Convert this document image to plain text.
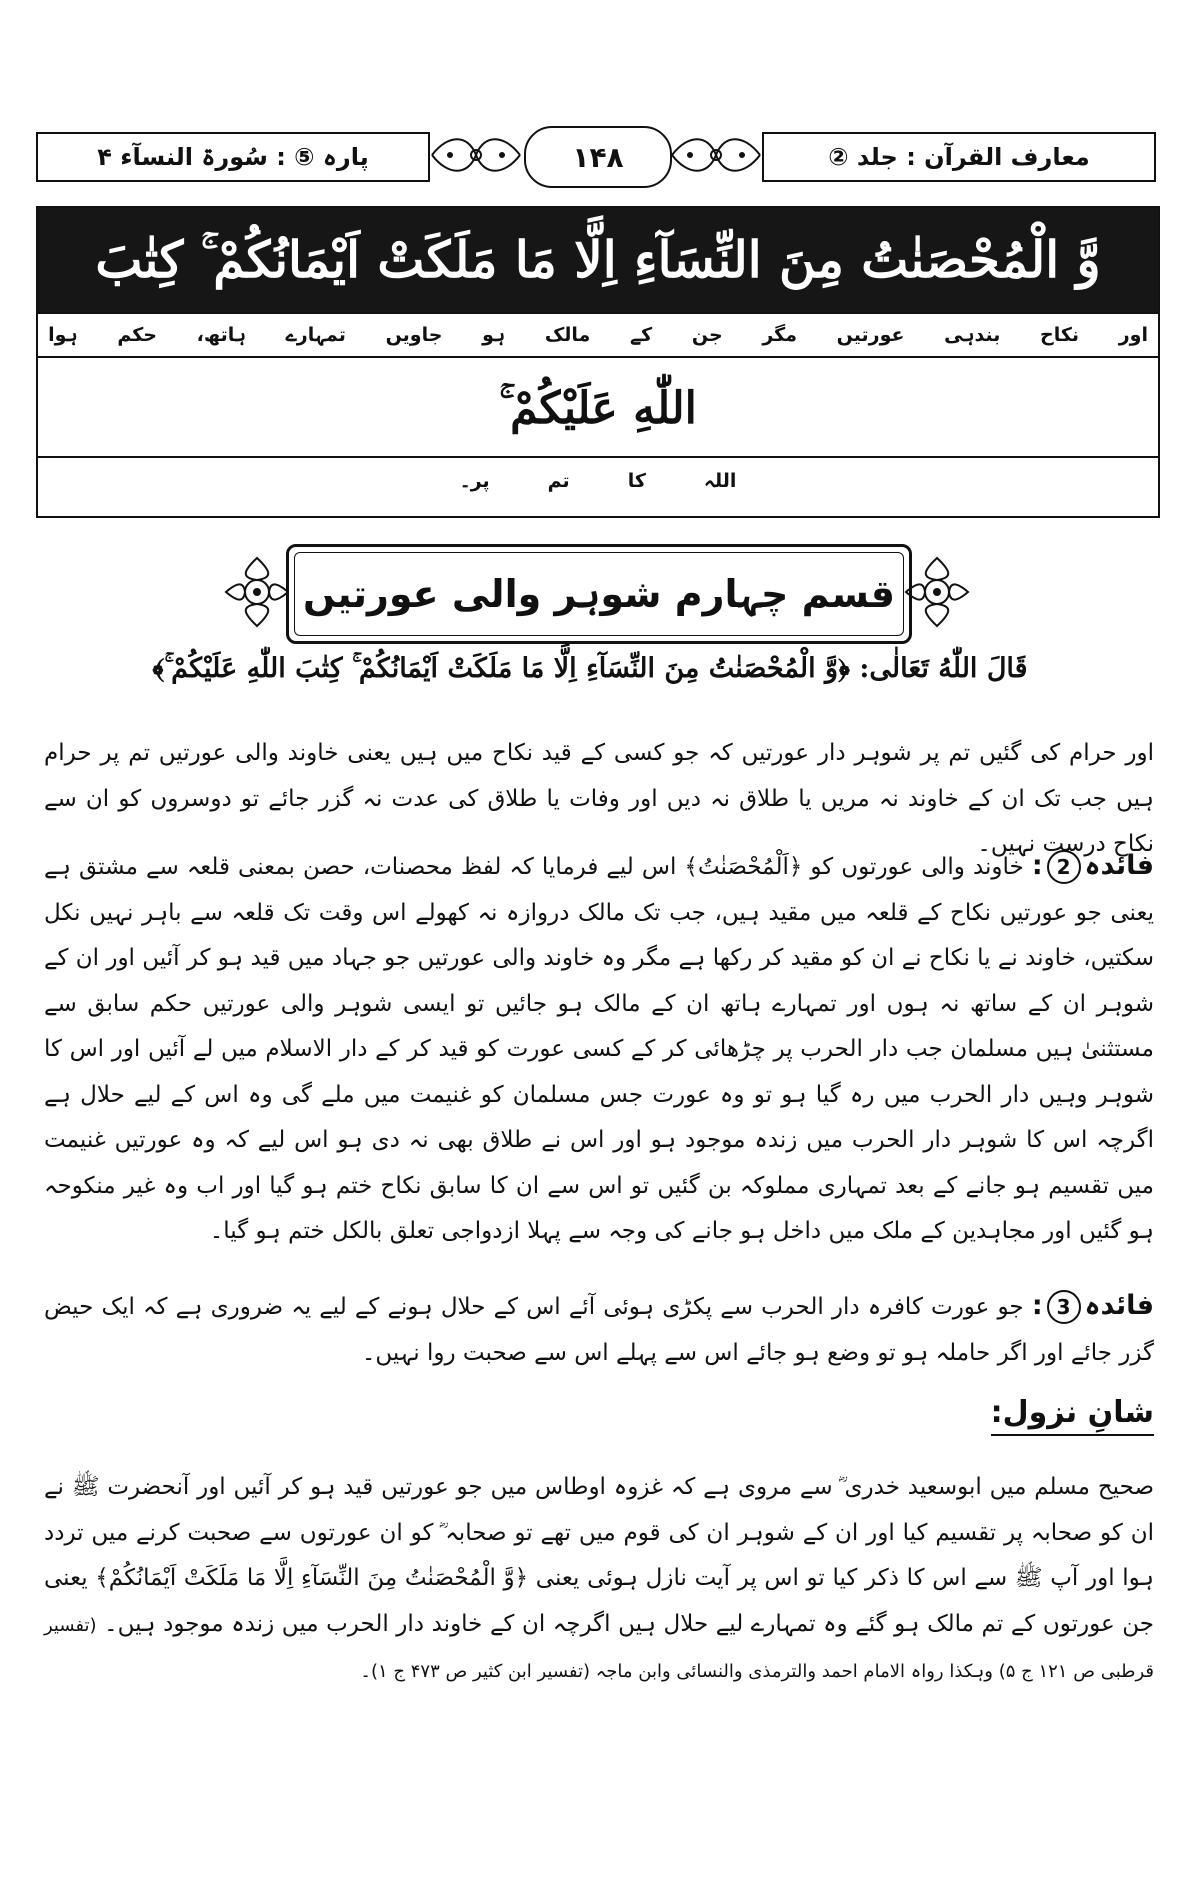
معارف القرآن : جلد ②
۱۴۸
پارہ ⑤ : سُورۃ النسآء ۴
وَّ الْمُحْصَنٰتُ مِنَ النِّسَآءِ اِلَّا مَا مَلَكَتْ اَيْمَانُكُمْ ۚ كِتٰبَ
اور
نکاح
بندہی
عورتیں
مگر
جن
کے
مالک
ہو
جاویں
تمہارے
ہاتھ،
حکم
ہوا
اللّٰهِ عَلَيْكُمْ ۚ
اللہ
کا
تم
پر۔
قسم چہارم شوہر والی عورتیں
قَالَ اللّٰهُ تَعَالٰی: ﴿وَّ الْمُحْصَنٰتُ مِنَ النِّسَآءِ اِلَّا مَا مَلَكَتْ اَيْمَانُكُمْ ۚ كِتٰبَ اللّٰهِ عَلَيْكُمْ ۚ﴾

اور حرام کی گئیں تم پر شوہر دار عورتیں کہ جو کسی کے قید نکاح میں ہیں یعنی خاوند والی عورتیں تم پر حرام ہیں جب تک ان کے خاوند نہ مریں یا طلاق نہ دیں اور وفات یا طلاق کی عدت نہ گزر جائے تو دوسروں کو ان سے نکاح درست نہیں۔

فائدہ2: خاوند والی عورتوں کو ﴿اَلْمُحْصَنٰتُ﴾ اس لیے فرمایا کہ لفظ محصنات، حصن بمعنی قلعہ سے مشتق ہے یعنی جو عورتیں نکاح کے قلعہ میں مقید ہیں، جب تک مالک دروازہ نہ کھولے اس وقت تک قلعہ سے باہر نہیں نکل سکتیں، خاوند نے یا نکاح نے ان کو مقید کر رکھا ہے مگر وہ خاوند والی عورتیں جو جہاد میں قید ہو کر آئیں اور ان کے شوہر ان کے ساتھ نہ ہوں اور تمہارے ہاتھ ان کے مالک ہو جائیں تو ایسی شوہر والی عورتیں حکم سابق سے مستثنیٰ ہیں مسلمان جب دار الحرب پر چڑھائی کر کے کسی عورت کو قید کر کے دار الاسلام میں لے آئیں اور اس کا شوہر وہیں دار الحرب میں رہ گیا ہو تو وہ عورت جس مسلمان کو غنیمت میں ملے گی وہ اس کے لیے حلال ہے اگرچہ اس کا شوہر دار الحرب میں زندہ موجود ہو اور اس نے طلاق بھی نہ دی ہو اس لیے کہ وہ عورتیں غنیمت میں تقسیم ہو جانے کے بعد تمہاری مملوکہ بن گئیں تو اس سے ان کا سابق نکاح ختم ہو گیا اور اب وہ غیر منکوحہ ہو گئیں اور مجاہدین کے ملک میں داخل ہو جانے کی وجہ سے پہلا ازدواجی تعلق بالکل ختم ہو گیا۔

فائدہ3: جو عورت کافرہ دار الحرب سے پکڑی ہوئی آئے اس کے حلال ہونے کے لیے یہ ضروری ہے کہ ایک حیض گزر جائے اور اگر حاملہ ہو تو وضع ہو جائے اس سے پہلے اس سے صحبت روا نہیں۔

شانِ نزول:

صحیح مسلم میں ابوسعید خدری ؓ سے مروی ہے کہ غزوہ اوطاس میں جو عورتیں قید ہو کر آئیں اور آنحضرت ﷺ نے ان کو صحابہ پر تقسیم کیا اور ان کے شوہر ان کی قوم میں تھے تو صحابہ ؓ کو ان عورتوں سے صحبت کرنے میں تردد ہوا اور آپ ﷺ سے اس کا ذکر کیا تو اس پر آیت نازل ہوئی یعنی ﴿وَّ الْمُحْصَنٰتُ مِنَ النِّسَآءِ اِلَّا مَا مَلَكَتْ اَيْمَانُكُمْ﴾ یعنی جن عورتوں کے تم مالک ہو گئے وہ تمہارے لیے حلال ہیں اگرچہ ان کے خاوند دار الحرب میں زندہ موجود ہیں۔ (تفسیر قرطبی ص ۱۲۱ ج ۵) وہکذا رواہ الامام احمد والترمذی والنسائی وابن ماجہ (تفسیر ابن کثیر ص ۴۷۳ ج ۱)۔
